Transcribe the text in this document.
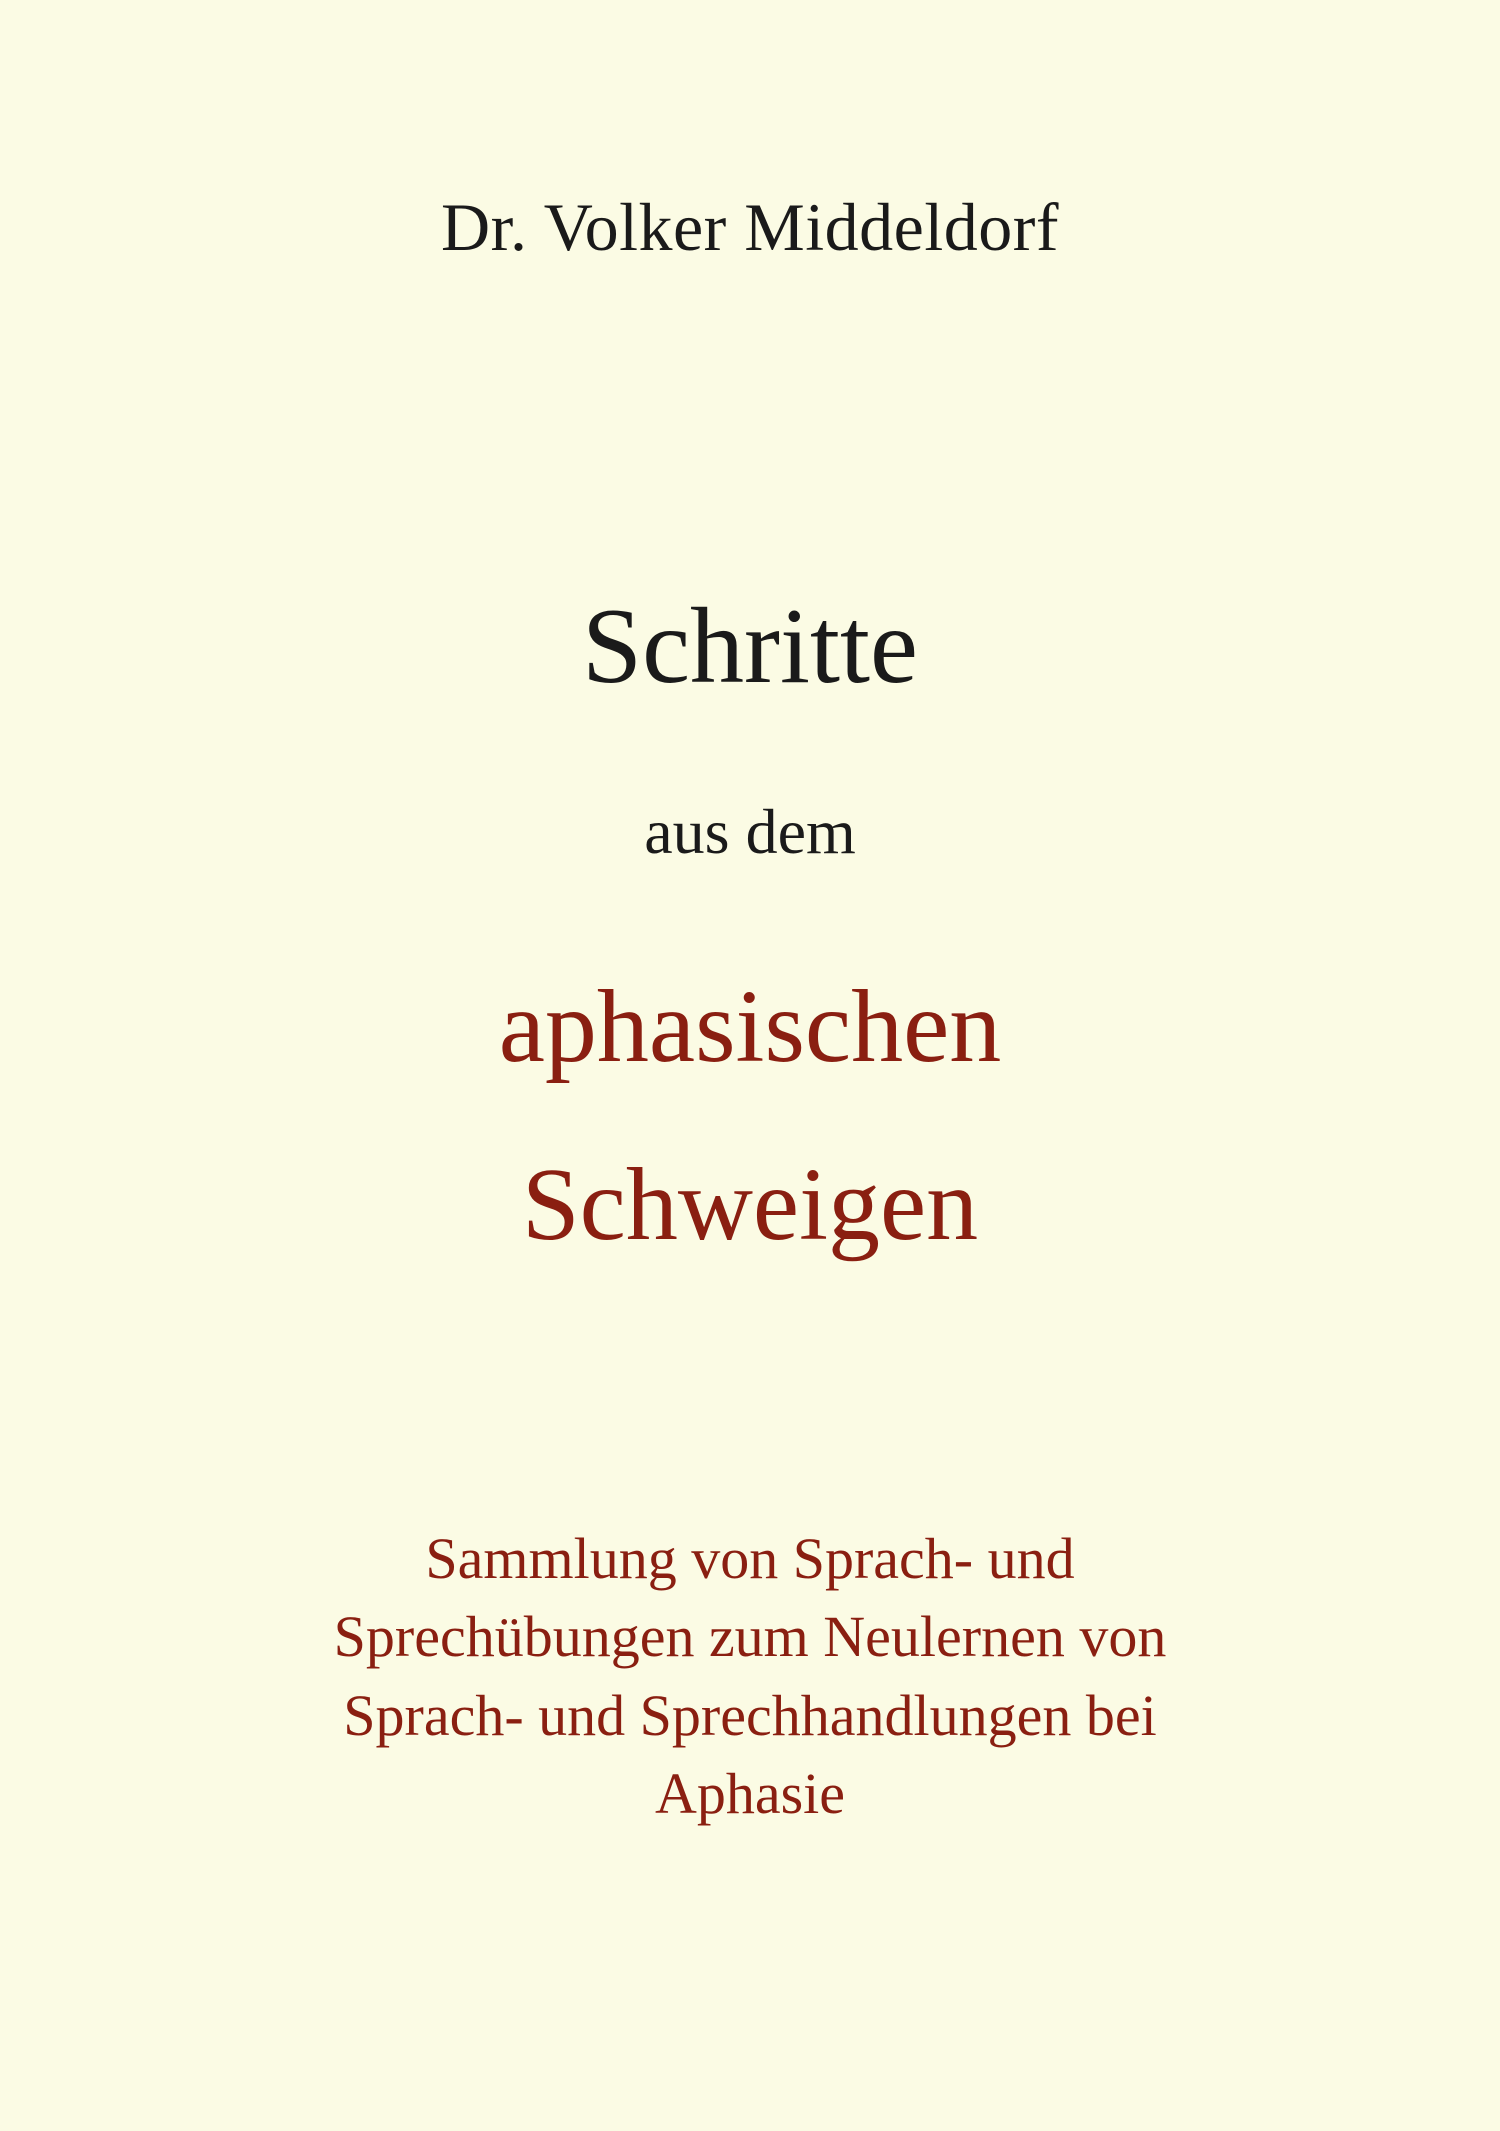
Dr. Volker Middeldorf
Schritte
aus dem
aphasischen
Schweigen
Sammlung von Sprach- und
Sprechübungen zum Neulernen von
Sprach- und Sprechhandlungen bei
Aphasie
